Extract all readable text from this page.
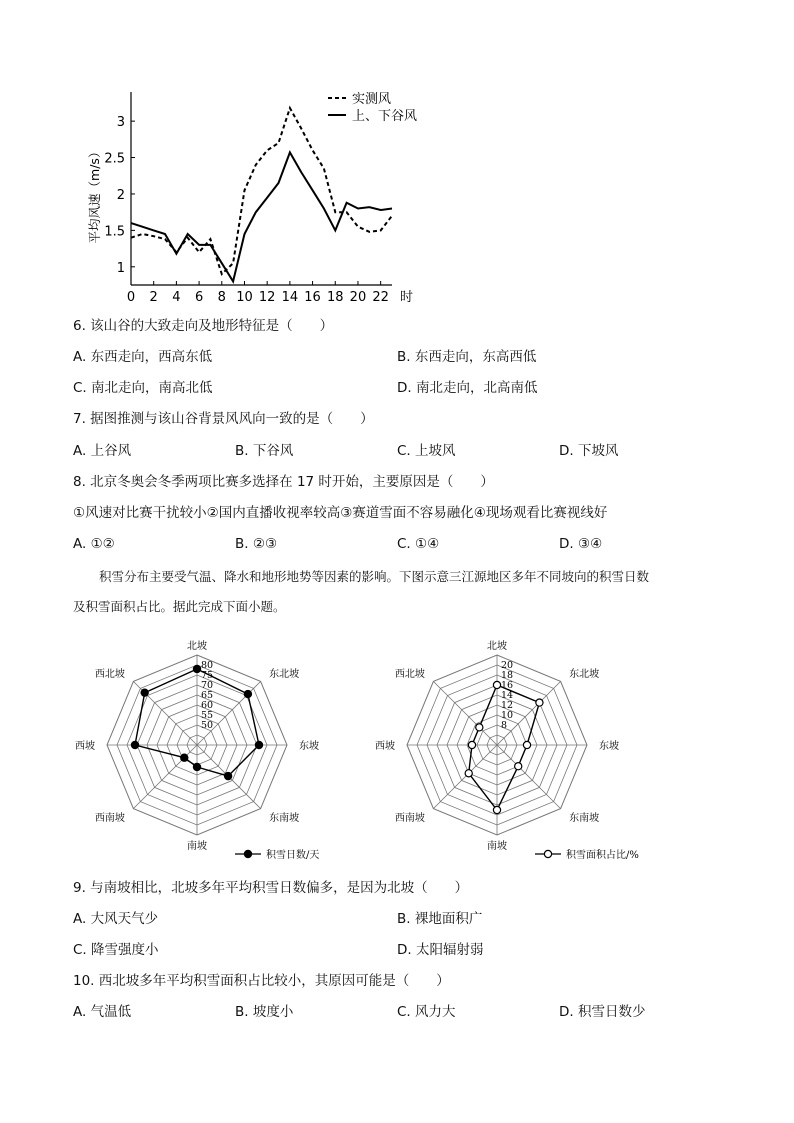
1
1.5
2
2.5
3
0 2 4 6 8 10 12 14 16 18 20 22 时
平均风速（m/s）
实测风
上、下谷风
6. 该山谷的大致走向及地形特征是（　　）
A. 东西走向，西高东低	B. 东西走向，东高西低
C. 南北走向，南高北低	D. 南北走向，北高南低
7. 据图推测与该山谷背景风风向一致的是（　　）
A. 上谷风	B. 下谷风	C. 上坡风	D. 下坡风
8. 北京冬奥会冬季两项比赛多选择在 17 时开始，主要原因是（　　）
①风速对比赛干扰较小②国内直播收视率较高③赛道雪面不容易融化④现场观看比赛视线好
A. ①②	B. ②③	C. ①④	D. ③④
积雪分布主要受气温、降水和地形地势等因素的影响。下图示意三江源地区多年不同坡向的积雪日数
及积雪面积占比。据此完成下面小题。
50
55
60
65
70
75
80
北坡
东北坡
东坡
东南坡
南坡
西南坡
西坡
西北坡
积雪日数/天
8
10
12
14
16
18
20
北坡
东北坡
东坡
东南坡
南坡
西南坡
西坡
西北坡
积雪面积占比/%
9. 与南坡相比，北坡多年平均积雪日数偏多，是因为北坡（　　）
A. 大风天气少	B. 裸地面积广
C. 降雪强度小	D. 太阳辐射弱
10. 西北坡多年平均积雪面积占比较小，其原因可能是（　　）
A. 气温低	B. 坡度小	C. 风力大	D. 积雪日数少
